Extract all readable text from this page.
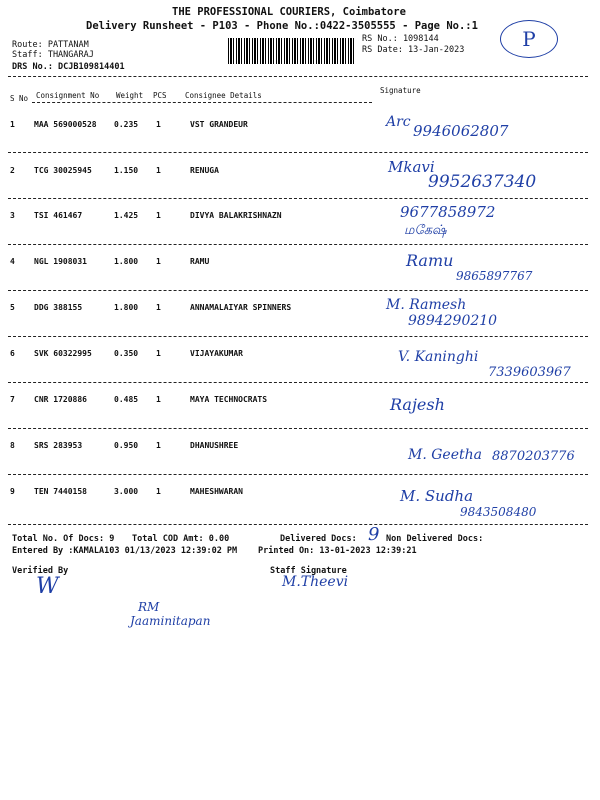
THE PROFESSIONAL COURIERS, Coimbatore
Delivery Runsheet - P103 - Phone No.:0422-3505555 - Page No.:1
P
Route: PATTANAM
Staff: THANGARAJ
DRS No.: DCJB109814401
RS No.: 1098144
RS Date: 13-Jan-2023
S No Consignment No Weight PCS Consignee Details
Signature
1 MAA 569000528 0.235 1	VST GRANDEUR	Arc 9946062807
2 TCG 30025945	1.150 1	RENUGA	Mkavi
9952637340
3 TSI 461467	1.425 1	DIVYA BALAKRISHNAZN	9677858972
மகேஷ்
4 NGL 1908031	1.800 1	RAMU	Ramu
9865897767
5 DDG 388155	1.800 1	ANNAMALAIYAR SPINNERS	M. Ramesh
9894290210
6 SVK 60322995	0.350 1	VIJAYAKUMAR	V. Kaninghi
7339603967
7 CNR 1720886	0.485 1	MAYA TECHNOCRATS	Rajesh
8 SRS 283953	0.950 1	DHANUSHREE
M. Geetha 8870203776
9 TEN 7440158	3.000 1	MAHESHWARAN	M. Sudha
9843508480
Total No. Of Docs: 9 Total COD Amt: 0.00	Delivered Docs: 9 Non Delivered Docs:
Entered By :KAMALA103 01/13/2023 12:39:02 PM Printed On: 13-01-2023 12:39:21
Verified By	Staff Signature
W	M.Theevi
RM
Jaaminitapan
